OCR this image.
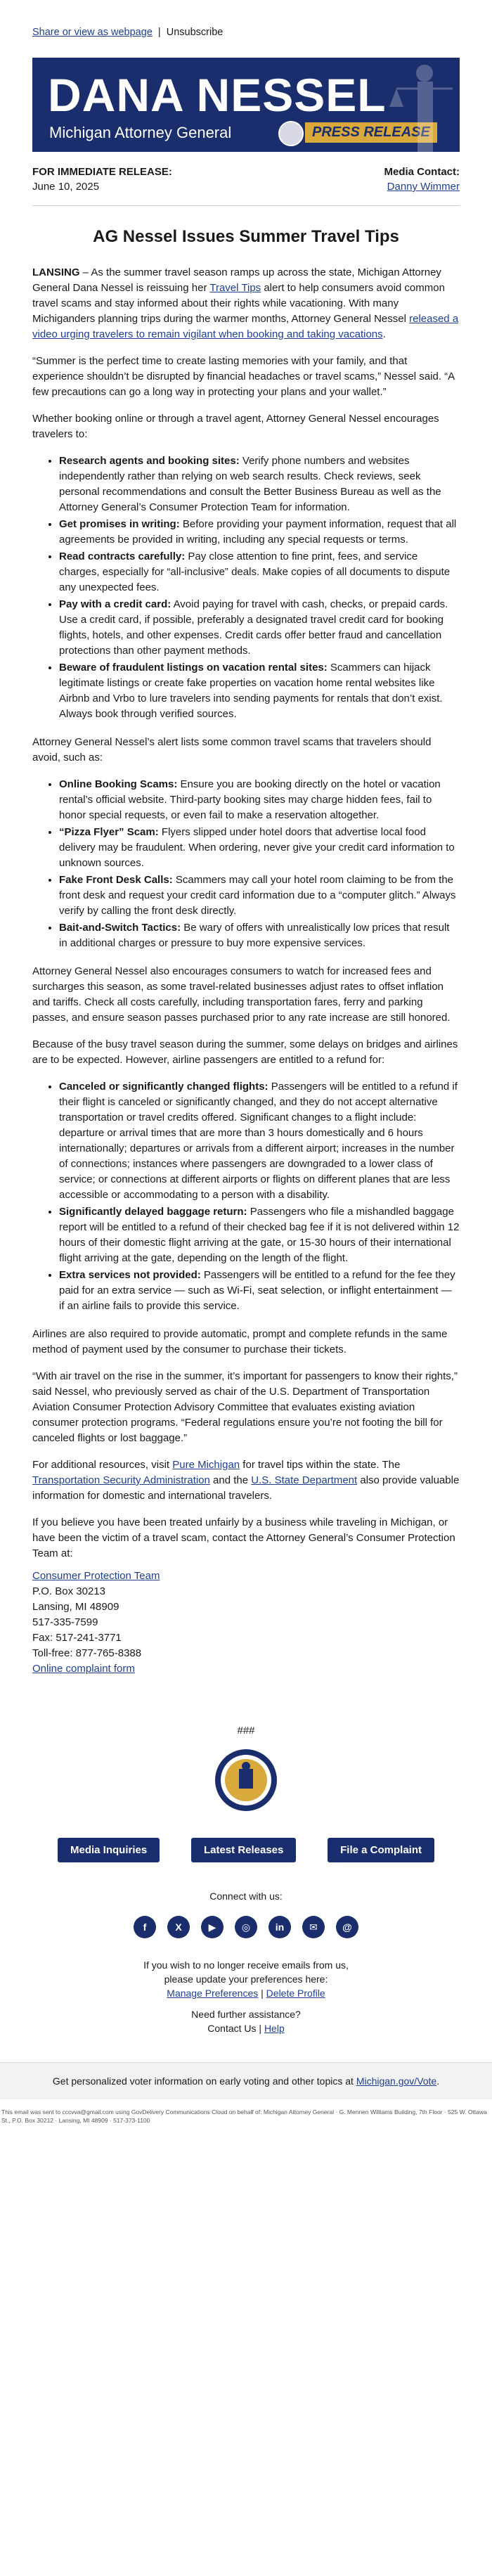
Share or view as webpage | Unsubscribe
DANA NESSEL
Michigan Attorney General	PRESS RELEASE
FOR IMMEDIATE RELEASE:
June 10, 2025
Media Contact:
Danny Wimmer
AG Nessel Issues Summer Travel Tips

LANSING – As the summer travel season ramps up across the state, Michigan Attorney General Dana Nessel is reissuing her Travel Tips alert to help consumers avoid common travel scams and stay informed about their rights while vacationing. With many Michiganders planning trips during the warmer months, Attorney General Nessel released a video urging travelers to remain vigilant when booking and taking vacations.

“Summer is the perfect time to create lasting memories with your family, and that experience shouldn’t be disrupted by financial headaches or travel scams,” Nessel said. “A few precautions can go a long way in protecting your plans and your wallet.”

Whether booking online or through a travel agent, Attorney General Nessel encourages travelers to:

• Research agents and booking sites: Verify phone numbers and websites independently rather than relying on web search results. Check reviews, seek personal recommendations and consult the Better Business Bureau as well as the Attorney General’s Consumer Protection Team for information.
• Get promises in writing: Before providing your payment information, request that all agreements be provided in writing, including any special requests or terms.
• Read contracts carefully: Pay close attention to fine print, fees, and service charges, especially for “all-inclusive” deals. Make copies of all documents to dispute any unexpected fees.
• Pay with a credit card: Avoid paying for travel with cash, checks, or prepaid cards. Use a credit card, if possible, preferably a designated travel credit card for booking flights, hotels, and other expenses. Credit cards offer better fraud and cancellation protections than other payment methods.
• Beware of fraudulent listings on vacation rental sites: Scammers can hijack legitimate listings or create fake properties on vacation home rental websites like Airbnb and Vrbo to lure travelers into sending payments for rentals that don’t exist. Always book through verified sources.

Attorney General Nessel’s alert lists some common travel scams that travelers should avoid, such as:

• Online Booking Scams: Ensure you are booking directly on the hotel or vacation rental’s official website. Third-party booking sites may charge hidden fees, fail to honor special requests, or even fail to make a reservation altogether.
• “Pizza Flyer” Scam: Flyers slipped under hotel doors that advertise local food delivery may be fraudulent. When ordering, never give your credit card information to unknown sources.
• Fake Front Desk Calls: Scammers may call your hotel room claiming to be from the front desk and request your credit card information due to a “computer glitch.” Always verify by calling the front desk directly.
• Bait-and-Switch Tactics: Be wary of offers with unrealistically low prices that result in additional charges or pressure to buy more expensive services.

Attorney General Nessel also encourages consumers to watch for increased fees and surcharges this season, as some travel-related businesses adjust rates to offset inflation and tariffs. Check all costs carefully, including transportation fares, ferry and parking passes, and ensure season passes purchased prior to any rate increase are still honored.

Because of the busy travel season during the summer, some delays on bridges and airlines are to be expected. However, airline passengers are entitled to a refund for:

• Canceled or significantly changed flights: Passengers will be entitled to a refund if their flight is canceled or significantly changed, and they do not accept alternative transportation or travel credits offered. Significant changes to a flight include: departure or arrival times that are more than 3 hours domestically and 6 hours internationally; departures or arrivals from a different airport; increases in the number of connections; instances where passengers are downgraded to a lower class of service; or connections at different airports or flights on different planes that are less accessible or accommodating to a person with a disability.
• Significantly delayed baggage return: Passengers who file a mishandled baggage report will be entitled to a refund of their checked bag fee if it is not delivered within 12 hours of their domestic flight arriving at the gate, or 15-30 hours of their international flight arriving at the gate, depending on the length of the flight.
• Extra services not provided: Passengers will be entitled to a refund for the fee they paid for an extra service — such as Wi-Fi, seat selection, or inflight entertainment — if an airline fails to provide this service.

Airlines are also required to provide automatic, prompt and complete refunds in the same method of payment used by the consumer to purchase their tickets.

“With air travel on the rise in the summer, it’s important for passengers to know their rights,” said Nessel, who previously served as chair of the U.S. Department of Transportation Aviation Consumer Protection Advisory Committee that evaluates existing aviation consumer protection programs. “Federal regulations ensure you’re not footing the bill for canceled flights or lost baggage.”

For additional resources, visit Pure Michigan for travel tips within the state. The Transportation Security Administration and the U.S. State Department also provide valuable information for domestic and international travelers.

If you believe you have been treated unfairly by a business while traveling in Michigan, or have been the victim of a travel scam, contact the Attorney General’s Consumer Protection Team at:

Consumer Protection Team
P.O. Box 30213
Lansing, MI 48909
517-335-7599
Fax: 517-241-3771
Toll-free: 877-765-8388
Online complaint form
###
Media Inquiries	Latest Releases	File a Complaint
Connect with us:
f	X	▶	◎	in	✉	@
If you wish to no longer receive emails from us,
please update your preferences here:
Manage Preferences | Delete Profile
Need further assistance?
Contact Us | Help
Get personalized voter information on early voting and other topics at Michigan.gov/Vote.
This email was sent to cccvva@gmail.com using GovDelivery Communications Cloud on behalf of: Michigan Attorney General · G. Mennen Williams Building, 7th Floor · 525 W. Ottawa St., P.O. Box 30212 · Lansing, MI 48909 · 517-373-1100
